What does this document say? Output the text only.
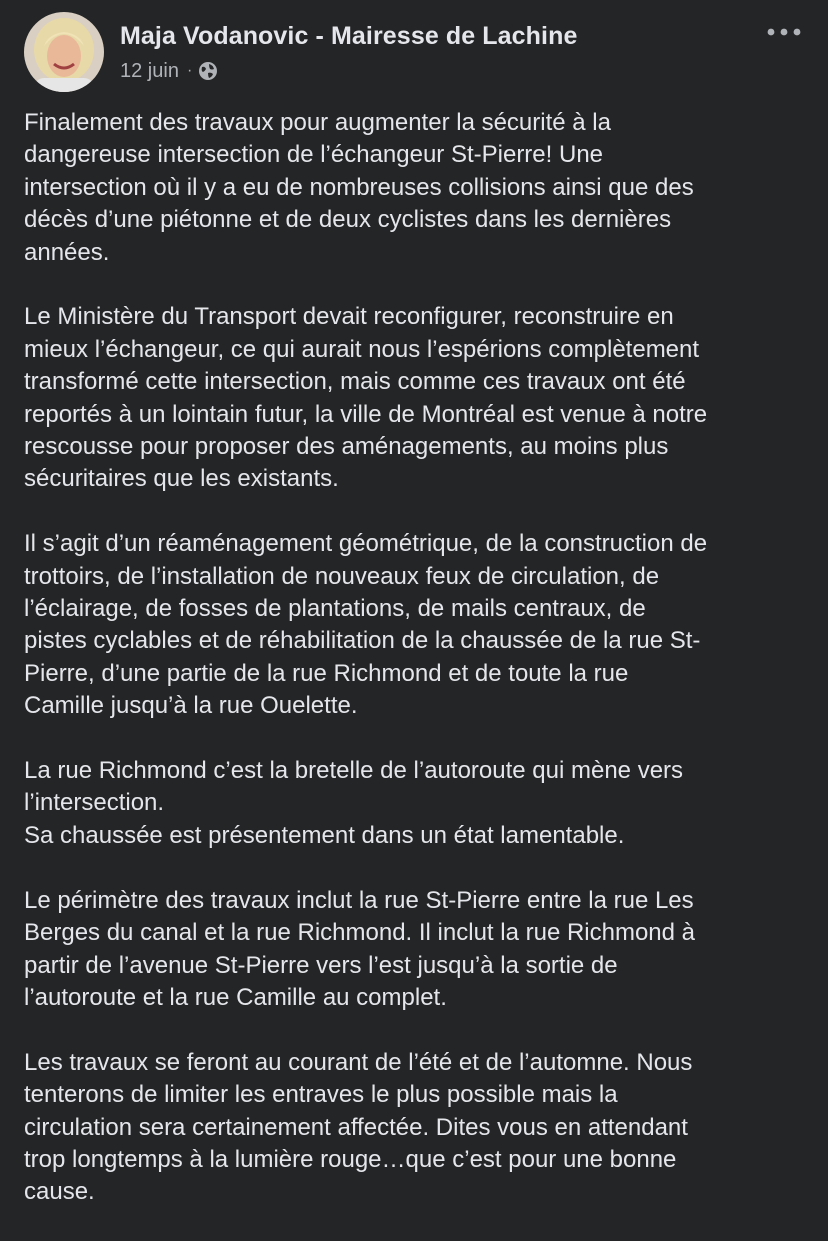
Maja Vodanovic - Mairesse de Lachine
12 juin ·

Finalement des travaux pour augmenter la sécurité à la
dangereuse intersection de l’échangeur St-Pierre! Une
intersection où il y a eu de nombreuses collisions ainsi que des
décès d’une piétonne et de deux cyclistes dans les dernières
années.

Le Ministère du Transport devait reconfigurer, reconstruire en
mieux l’échangeur, ce qui aurait nous l’espérions complètement
transformé cette intersection, mais comme ces travaux ont été
reportés à un lointain futur, la ville de Montréal est venue à notre
rescousse pour proposer des aménagements, au moins plus
sécuritaires que les existants.

Il s’agit d’un réaménagement géométrique, de la construction de
trottoirs, de l’installation de nouveaux feux de circulation, de
l’éclairage, de fosses de plantations, de mails centraux, de
pistes cyclables et de réhabilitation de la chaussée de la rue St-
Pierre, d’une partie de la rue Richmond et de toute la rue
Camille jusqu’à la rue Ouelette.

La rue Richmond c’est la bretelle de l’autoroute qui mène vers
l’intersection.
Sa chaussée est présentement dans un état lamentable.

Le périmètre des travaux inclut la rue St-Pierre entre la rue Les
Berges du canal et la rue Richmond. Il inclut la rue Richmond à
partir de l’avenue St-Pierre vers l’est jusqu’à la sortie de
l’autoroute et la rue Camille au complet.

Les travaux se feront au courant de l’été et de l’automne. Nous
tenterons de limiter les entraves le plus possible mais la
circulation sera certainement affectée. Dites vous en attendant
trop longtemps à la lumière rouge…que c’est pour une bonne
cause.
